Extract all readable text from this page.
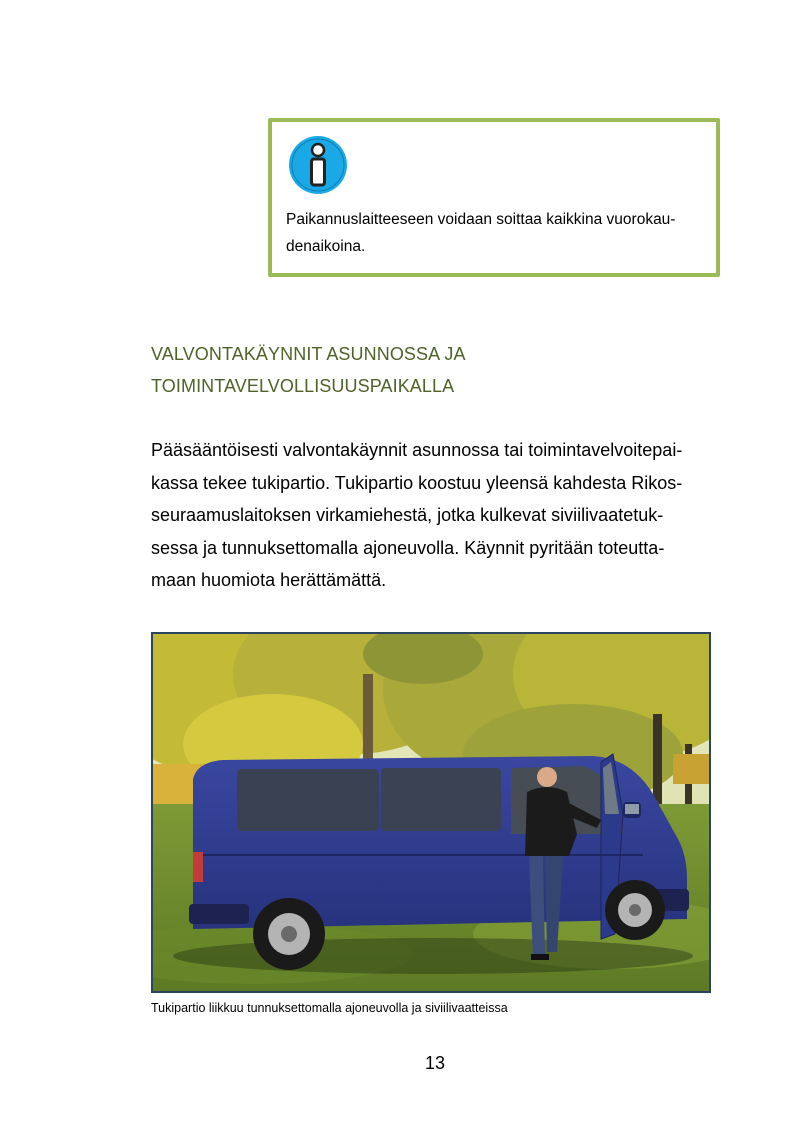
Paikannuslaitteeseen voidaan soittaa kaikkina vuorokau-
denaikoina.
VALVONTAKÄYNNIT ASUNNOSSA JA
TOIMINTAVELVOLLISUUSPAIKALLA
Pääsääntöisesti valvontakäynnit asunnossa tai toimintavelvoitepai-
kassa tekee tukipartio. Tukipartio koostuu yleensä kahdesta Rikos-
seuraamuslaitoksen virkamiehestä, jotka kulkevat siviilivaatetuk-
sessa ja tunnuksettomalla ajoneuvolla. Käynnit pyritään toteutta-
maan huomiota herättämättä.
Tukipartio liikkuu tunnuksettomalla ajoneuvolla ja siviilivaatteissa
13
